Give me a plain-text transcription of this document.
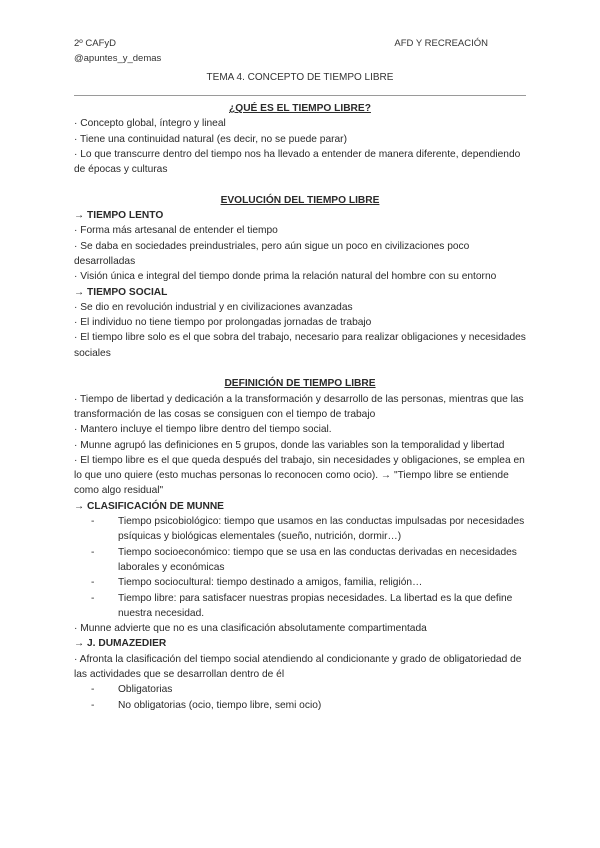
2º CAFyD
@apuntes_y_demas
AFD Y RECREACIÓN
TEMA 4. CONCEPTO DE TIEMPO LIBRE

¿QUÉ ES EL TIEMPO LIBRE?

· Concepto global, íntegro y lineal

· Tiene una continuidad natural (es decir, no se puede parar)

· Lo que transcurre dentro del tiempo nos ha llevado a entender de manera diferente, dependiendo de épocas y culturas

EVOLUCIÓN DEL TIEMPO LIBRE

→ TIEMPO LENTO

· Forma más artesanal de entender el tiempo

· Se daba en sociedades preindustriales, pero aún sigue un poco en civilizaciones poco desarrolladas

· Visión única e integral del tiempo donde prima la relación natural del hombre con su entorno

→ TIEMPO SOCIAL

· Se dio en revolución industrial y en civilizaciones avanzadas

· El individuo no tiene tiempo por prolongadas jornadas de trabajo

· El tiempo libre solo es el que sobra del trabajo, necesario para realizar obligaciones y necesidades sociales

DEFINICIÓN DE TIEMPO LIBRE

· Tiempo de libertad y dedicación a la transformación y desarrollo de las personas, mientras que las transformación de las cosas se consiguen con el tiempo de trabajo

· Mantero incluye el tiempo libre dentro del tiempo social.

· Munne agrupó las definiciones en 5 grupos, donde las variables son la temporalidad y libertad

· El tiempo libre es el que queda después del trabajo, sin necesidades y obligaciones, se emplea en lo que uno quiere (esto muchas personas lo reconocen como ocio). → "Tiempo libre se entiende como algo residual"

→ CLASIFICACIÓN DE MUNNE

- Tiempo psicobiológico: tiempo que usamos en las conductas impulsadas por necesidades psíquicas y biológicas elementales (sueño, nutrición, dormir…)

- Tiempo socioeconómico: tiempo que se usa en las conductas derivadas en necesidades laborales y económicas

- Tiempo sociocultural: tiempo destinado a amigos, familia, religión…

- Tiempo libre: para satisfacer nuestras propias necesidades. La libertad es la que define nuestra necesidad.

· Munne advierte que no es una clasificación absolutamente compartimentada

→ J. DUMAZEDIER

· Afronta la clasificación del tiempo social atendiendo al condicionante y grado de obligatoriedad de las actividades que se desarrollan dentro de él

- Obligatorias

- No obligatorias (ocio, tiempo libre, semi ocio)
